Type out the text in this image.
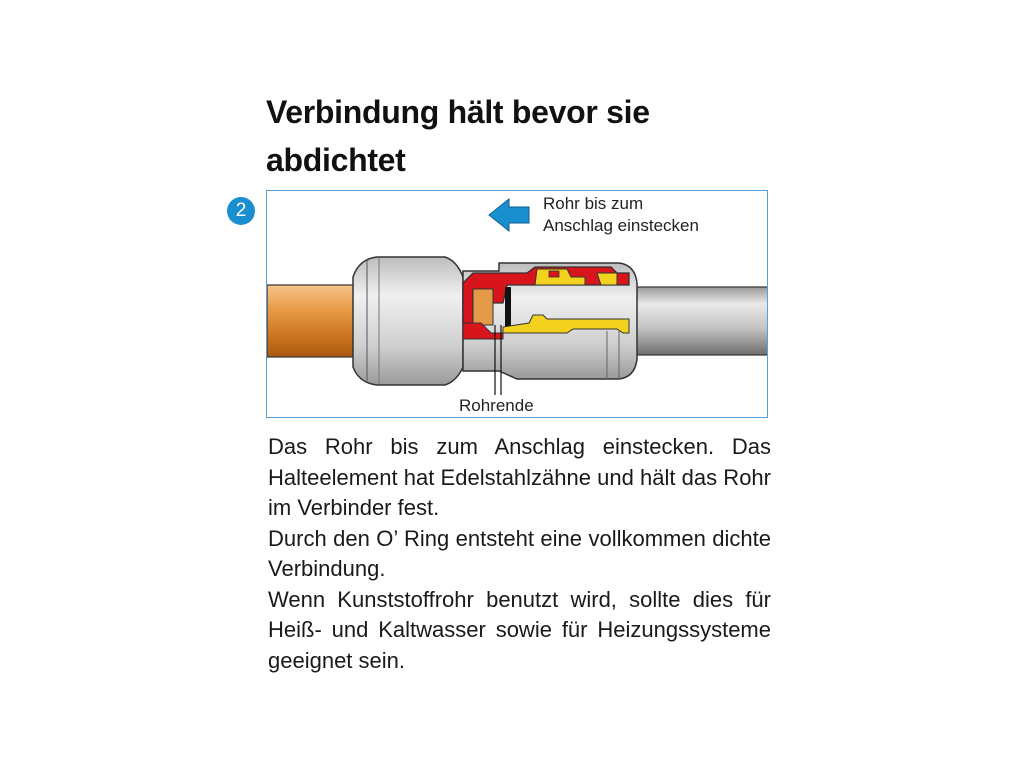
Verbindung hält bevor sie
abdichtet
2	Rohr bis zum
Anschlag einstecken
Rohrende

Das Rohr bis zum Anschlag einstecken. Das Halteelement hat Edelstahlzähne und hält das Rohr im Verbinder fest.

Durch den O’ Ring entsteht eine vollkommen dichte Verbindung.

Wenn Kunststoffrohr benutzt wird, sollte dies für Heiß- und Kaltwasser sowie für Heizungssysteme geeignet sein.
